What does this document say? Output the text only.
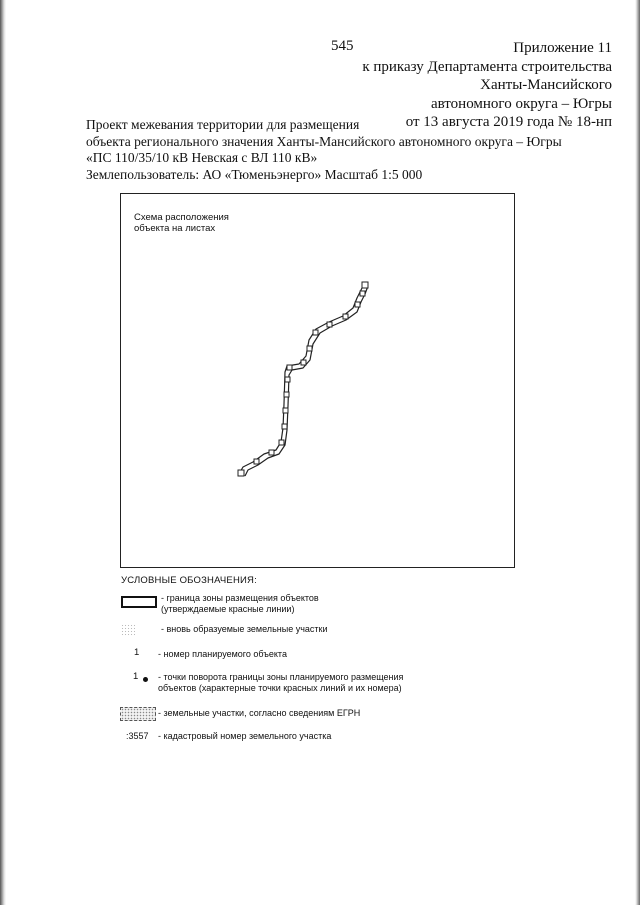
545	Приложение 11
к приказу Департамента строительства
Ханты-Мансийского
автономного округа – Югры
от 13 августа 2019 года № 18-нп
Проект межевания территории для размещения
объекта регионального значения Ханты-Мансийского автономного округа – Югры
«ПС 110/35/10 кВ Невская с ВЛ 110 кВ»
Землепользователь: АО «Тюменьэнерго» Масштаб 1:5 000
Схема расположения
объекта на листах
УСЛОВНЫЕ ОБОЗНАЧЕНИЯ:
- граница зоны размещения объектов
(утверждаемые красные линии)
- вновь образуемые земельные участки
1 - номер планируемого объекта
1 - точки поворота границы зоны планируемого размещения
объектов (характерные точки красных линий и их номера)
- земельные участки, согласно сведениям ЕГРН
:3557 - кадастровый номер земельного участка
